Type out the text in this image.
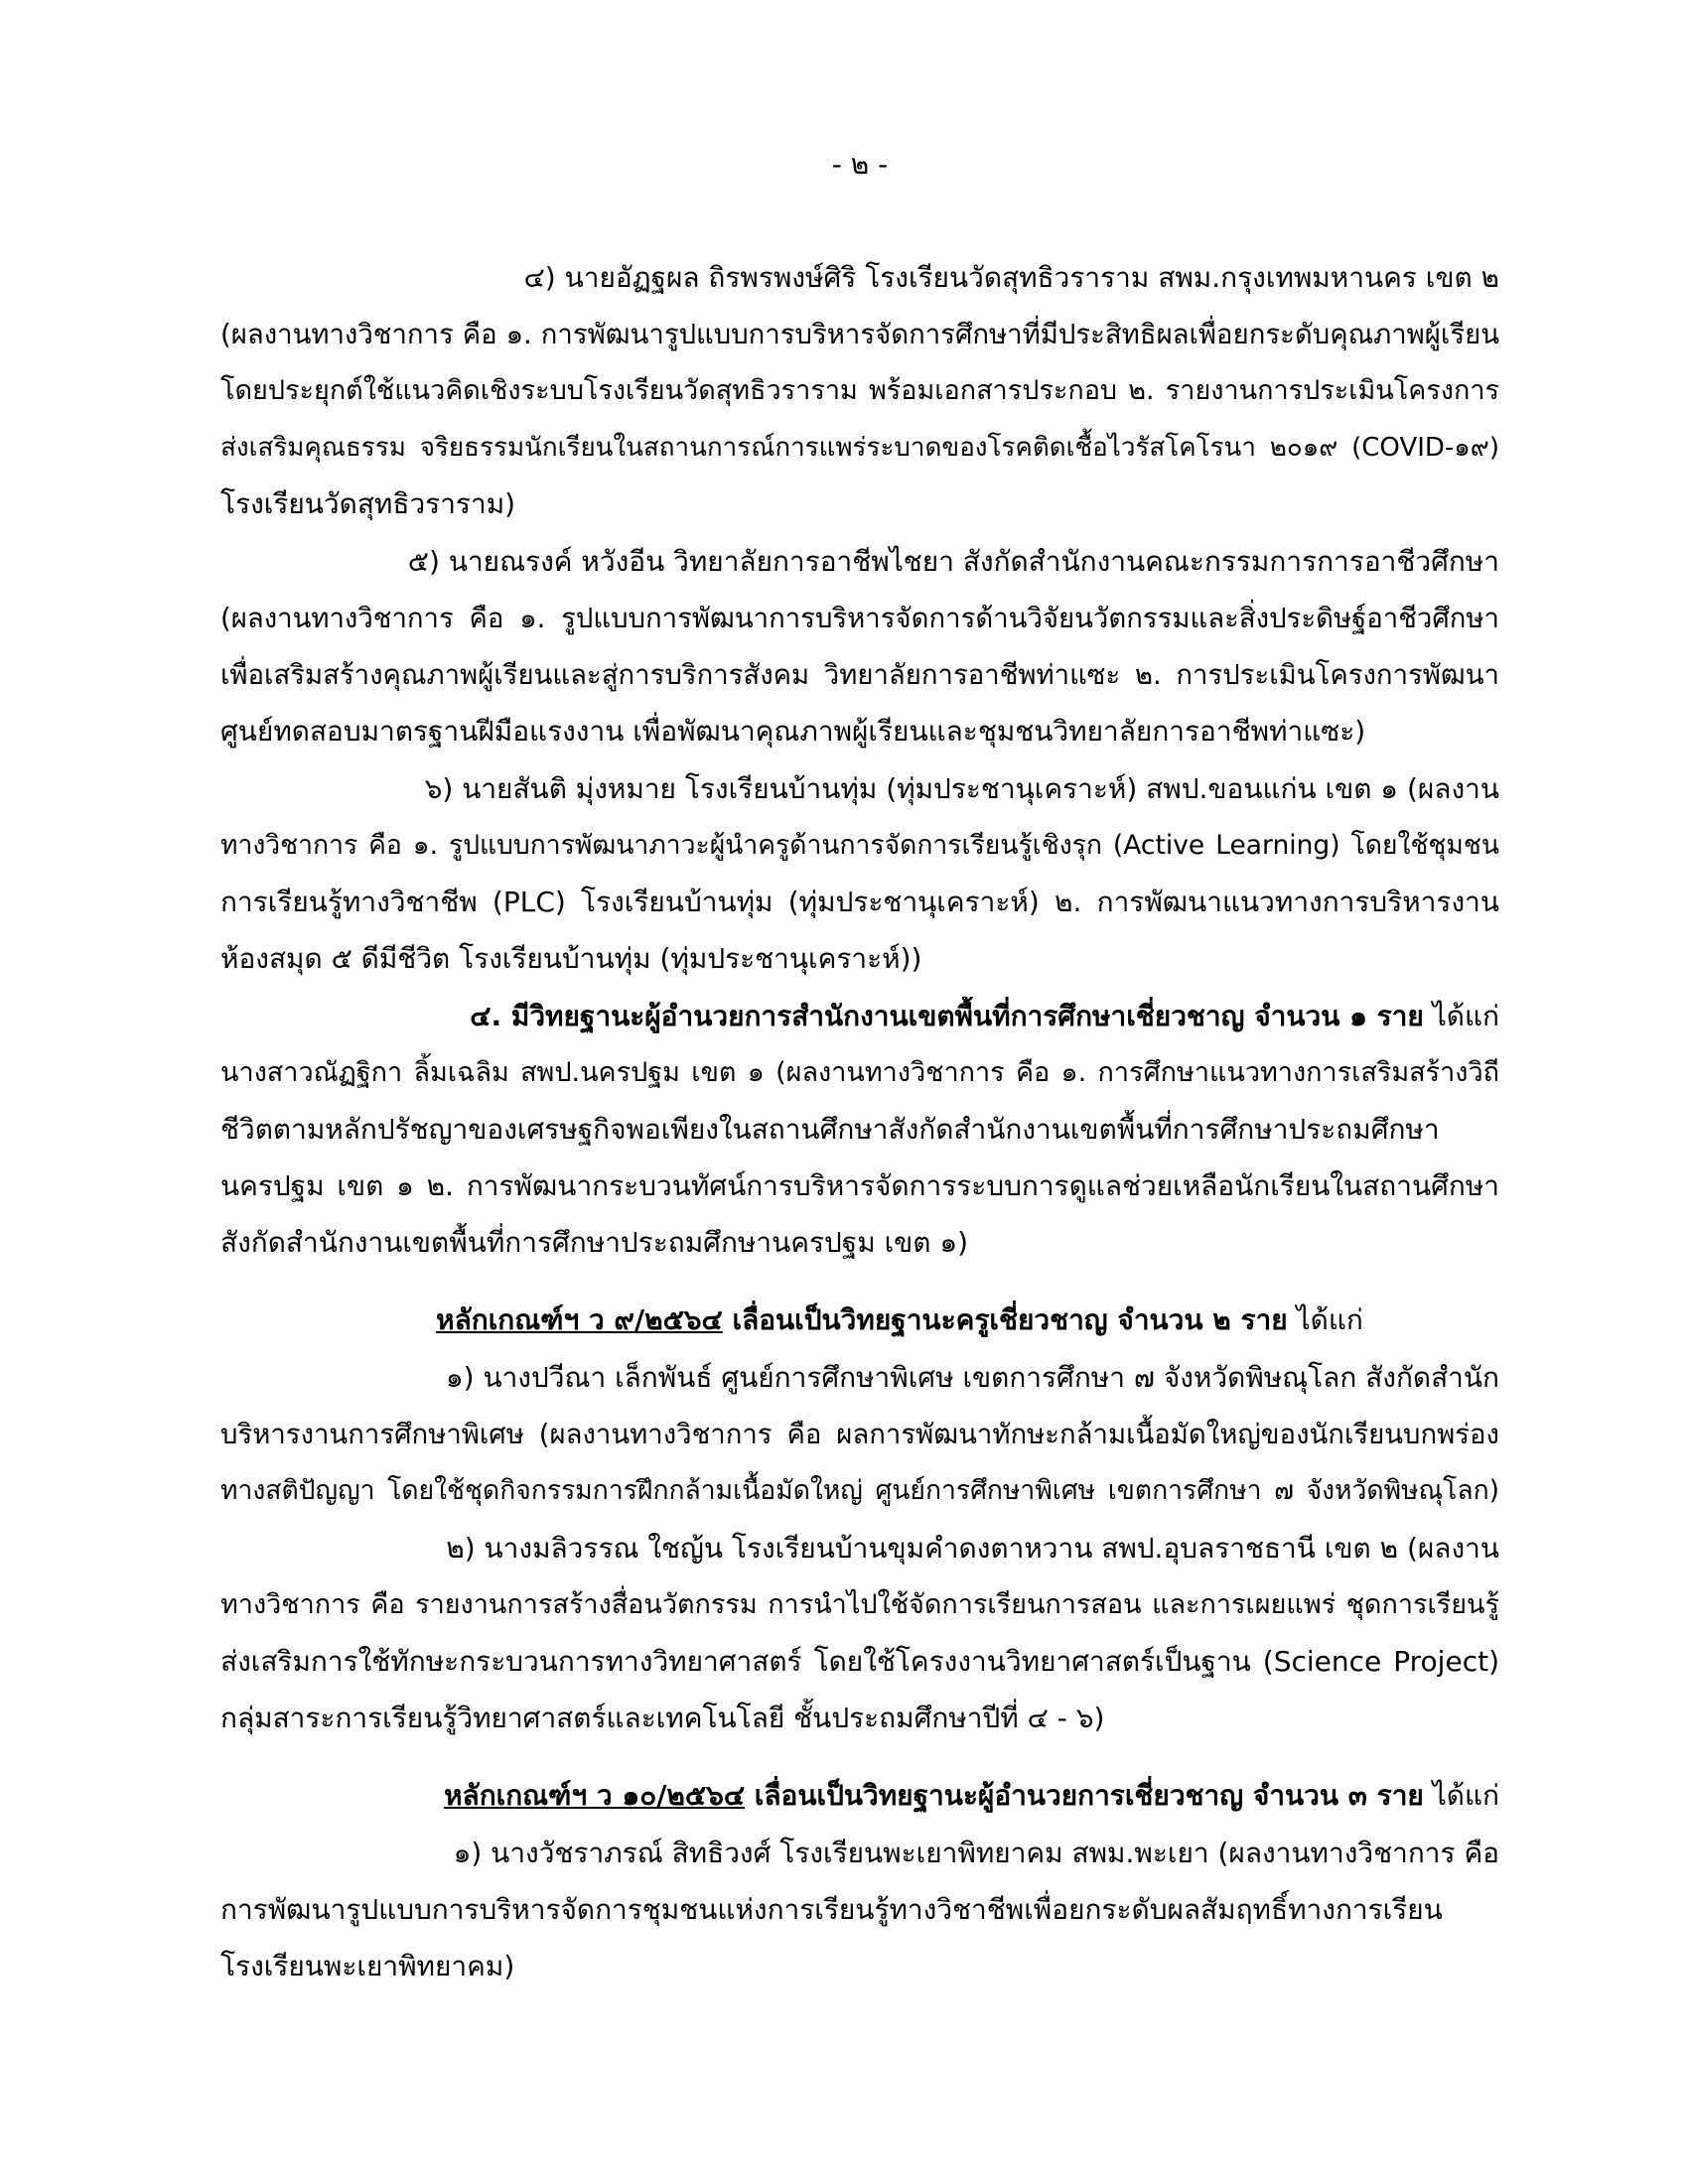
- ๒ -
๔) นายอัฏฐผล ถิรพรพงษ์ศิริ โรงเรียนวัดสุทธิวราราม สพม.กรุงเทพมหานคร เขต ๒
(ผลงานทางวิชาการ คือ ๑. การพัฒนารูปแบบการบริหารจัดการศึกษาที่มีประสิทธิผลเพื่อยกระดับคุณภาพผู้เรียน
โดยประยุกต์ใช้แนวคิดเชิงระบบโรงเรียนวัดสุทธิวราราม พร้อมเอกสารประกอบ ๒. รายงานการประเมินโครงการ
ส่งเสริมคุณธรรม จริยธรรมนักเรียนในสถานการณ์การแพร่ระบาดของโรคติดเชื้อไวรัสโคโรนา ๒๐๑๙ (COVID-๑๙)
โรงเรียนวัดสุทธิวราราม)
๕) นายณรงค์ หวังอีน วิทยาลัยการอาชีพไชยา สังกัดสำนักงานคณะกรรมการการอาชีวศึกษา
(ผลงานทางวิชาการ คือ ๑. รูปแบบการพัฒนาการบริหารจัดการด้านวิจัยนวัตกรรมและสิ่งประดิษฐ์อาชีวศึกษา
เพื่อเสริมสร้างคุณภาพผู้เรียนและสู่การบริการสังคม วิทยาลัยการอาชีพท่าแซะ ๒. การประเมินโครงการพัฒนา
ศูนย์ทดสอบมาตรฐานฝีมือแรงงาน เพื่อพัฒนาคุณภาพผู้เรียนและชุมชนวิทยาลัยการอาชีพท่าแซะ)
๖) นายสันติ มุ่งหมาย โรงเรียนบ้านทุ่ม (ทุ่มประชานุเคราะห์) สพป.ขอนแก่น เขต ๑ (ผลงาน
ทางวิชาการ คือ ๑. รูปแบบการพัฒนาภาวะผู้นำครูด้านการจัดการเรียนรู้เชิงรุก (Active Learning) โดยใช้ชุมชน
การเรียนรู้ทางวิชาชีพ (PLC) โรงเรียนบ้านทุ่ม (ทุ่มประชานุเคราะห์) ๒. การพัฒนาแนวทางการบริหารงาน
ห้องสมุด ๕ ดีมีชีวิต โรงเรียนบ้านทุ่ม (ทุ่มประชานุเคราะห์))
๔. มีวิทยฐานะผู้อำนวยการสำนักงานเขตพื้นที่การศึกษาเชี่ยวชาญ จำนวน ๑ ราย ได้แก่
นางสาวณัฏฐิกา ลิ้มเฉลิม สพป.นครปฐม เขต ๑ (ผลงานทางวิชาการ คือ ๑. การศึกษาแนวทางการเสริมสร้างวิถี
ชีวิตตามหลักปรัชญาของเศรษฐกิจพอเพียงในสถานศึกษาสังกัดสำนักงานเขตพื้นที่การศึกษาประถมศึกษา
นครปฐม เขต ๑ ๒. การพัฒนากระบวนทัศน์การบริหารจัดการระบบการดูแลช่วยเหลือนักเรียนในสถานศึกษา
สังกัดสำนักงานเขตพื้นที่การศึกษาประถมศึกษานครปฐม เขต ๑)
หลักเกณฑ์ฯ ว ๙/๒๕๖๔ เลื่อนเป็นวิทยฐานะครูเชี่ยวชาญ จำนวน ๒ ราย ได้แก่
๑) นางปวีณา เล็กพันธ์ ศูนย์การศึกษาพิเศษ เขตการศึกษา ๗ จังหวัดพิษณุโลก สังกัดสำนัก
บริหารงานการศึกษาพิเศษ (ผลงานทางวิชาการ คือ ผลการพัฒนาทักษะกล้ามเนื้อมัดใหญ่ของนักเรียนบกพร่อง
ทางสติปัญญา โดยใช้ชุดกิจกรรมการฝึกกล้ามเนื้อมัดใหญ่ ศูนย์การศึกษาพิเศษ เขตการศึกษา ๗ จังหวัดพิษณุโลก)
๒) นางมลิวรรณ ใชญ้น โรงเรียนบ้านขุมคำดงตาหวาน สพป.อุบลราชธานี เขต ๒ (ผลงาน
ทางวิชาการ คือ รายงานการสร้างสื่อนวัตกรรม การนำไปใช้จัดการเรียนการสอน และการเผยแพร่ ชุดการเรียนรู้
ส่งเสริมการใช้ทักษะกระบวนการทางวิทยาศาสตร์ โดยใช้โครงงานวิทยาศาสตร์เป็นฐาน (Science Project)
กลุ่มสาระการเรียนรู้วิทยาศาสตร์และเทคโนโลยี ชั้นประถมศึกษาปีที่ ๔ - ๖)
หลักเกณฑ์ฯ ว ๑๐/๒๕๖๔ เลื่อนเป็นวิทยฐานะผู้อำนวยการเชี่ยวชาญ จำนวน ๓ ราย ได้แก่
๑) นางวัชราภรณ์ สิทธิวงศ์ โรงเรียนพะเยาพิทยาคม สพม.พะเยา (ผลงานทางวิชาการ คือ
การพัฒนารูปแบบการบริหารจัดการชุมชนแห่งการเรียนรู้ทางวิชาชีพเพื่อยกระดับผลสัมฤทธิ์ทางการเรียน
โรงเรียนพะเยาพิทยาคม)
